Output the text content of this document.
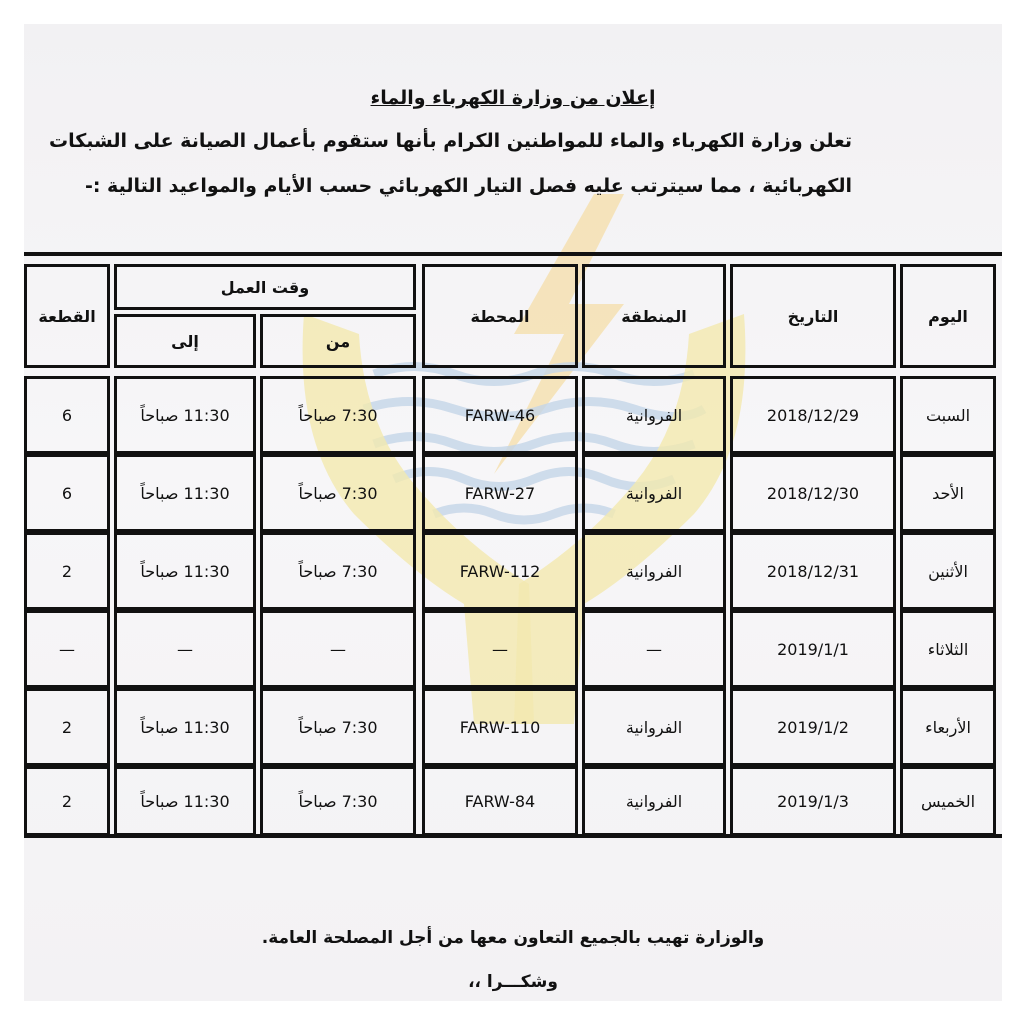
إعلان من وزارة الكهرباء والماء
تعلن وزارة الكهرباء والماء للمواطنين الكرام بأنها ستقوم بأعمال الصيانة على الشبكات
الكهربائية ، مما سيترتب عليه فصل التيار الكهربائي حسب الأيام والمواعيد التالية :-
اليوم
التاريخ
المنطقة
المحطة
وقت العمل
من
إلى
القطعة
السبت
2018/12/29
الفروانية
FARW-46
7:30 صباحاً
11:30 صباحاً
6
الأحد
2018/12/30
الفروانية
FARW-27
7:30 صباحاً
11:30 صباحاً
6
الأثنين
2018/12/31
الفروانية
FARW-112
7:30 صباحاً
11:30 صباحاً
2
الثلاثاء
2019/1/1
—
—
—
—
—
الأربعاء
2019/1/2
الفروانية
FARW-110
7:30 صباحاً
11:30 صباحاً
2
الخميس
2019/1/3
الفروانية
FARW-84
7:30 صباحاً
11:30 صباحاً
2
والوزارة تهيب بالجميع التعاون معها من أجل المصلحة العامة.
وشكـــرا ،،
